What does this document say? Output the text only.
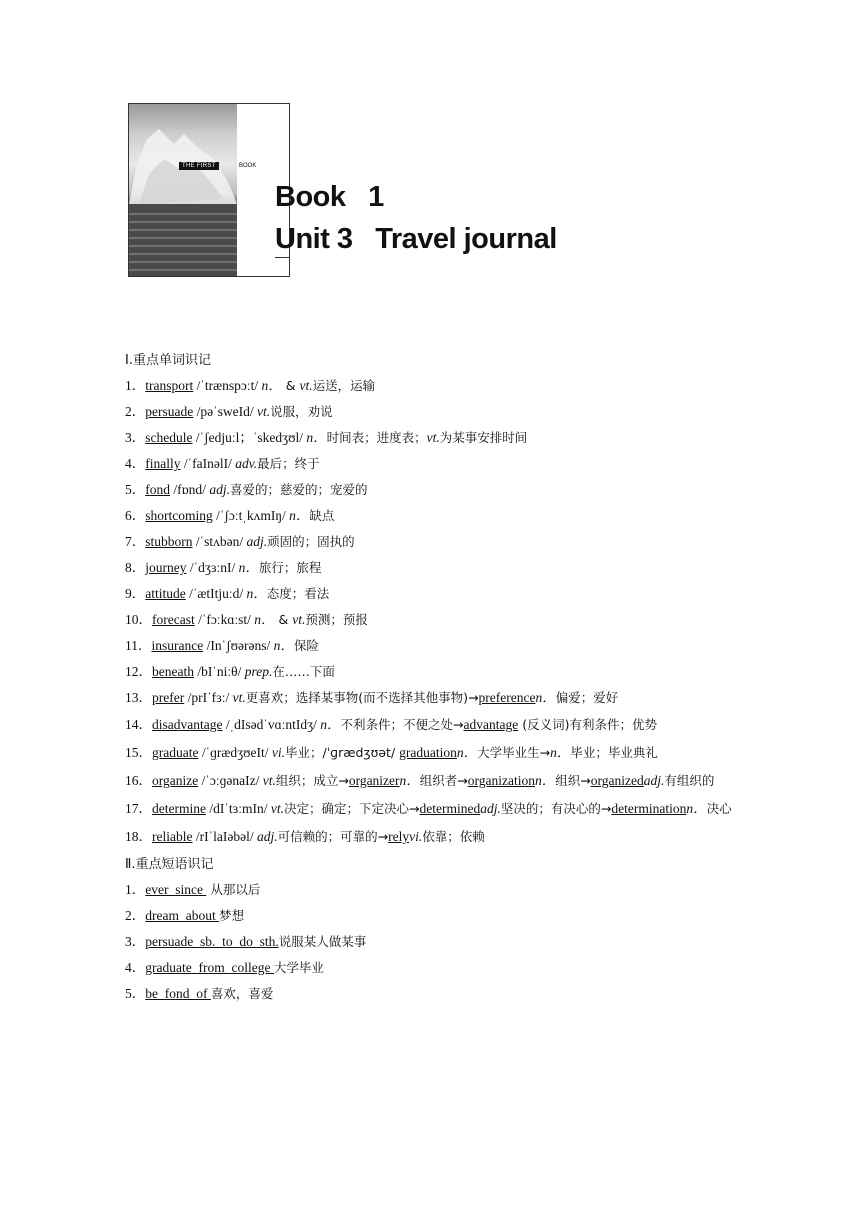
THE FIRST	BOOK
Book   1
Unit 3   Travel journal
Ⅰ.重点单词识记
1．transport /ˈtrænspɔːt/ n． & vt.运送，运输
2．persuade /pəˈsweId/ vt.说服，劝说
3．schedule /ˈʃedjuːl；ˈskedʒʊl/ n．时间表；进度表；vt.为某事安排时间
4．finally /ˈfaInəlI/ adv.最后；终于
5．fond /fɒnd/ adj.喜爱的；慈爱的；宠爱的
6．shortcoming /ˈʃɔːtˌkʌmIŋ/ n．缺点
7．stubborn /ˈstʌbən/ adj.顽固的；固执的
8．journey /ˈdʒɜːnI/ n．旅行；旅程
9．attitude /ˈætItjuːd/ n．态度；看法
10．forecast /ˈfɔːkɑːst/ n． & vt.预测；预报
11．insurance /Inˈʃʊərəns/ n．保险
12．beneath /bIˈniːθ/ prep.在……下面
13．prefer /prIˈfɜː/ vt.更喜欢；选择某事物(而不选择其他事物)→preferencen．偏爱；爱好
14．disadvantage /ˌdIsədˈvɑːntIdʒ/ n．不利条件；不便之处→advantage (反义词)有利条件；优势
15．graduate /ˈɡrædʒʊeIt/ vi.毕业；/ˈɡrædʒʊət/ graduationn．大学毕业生→n．毕业；毕业典礼
16．organize /ˈɔːɡənaIz/ vt.组织；成立→organizern．组织者→organizationn．组织→organizedadj.有组织的
17．determine /dIˈtɜːmIn/ vt.决定；确定；下定决心→determinedadj.坚决的；有决心的→determinationn．决心
18．reliable /rIˈlaIəbəl/ adj.可信赖的；可靠的→relyvi.依靠；依赖
Ⅱ.重点短语识记
1．ever  since  从那以后
2．dream  about 梦想
3．persuade  sb.  to  do  sth.说服某人做某事
4．graduate  from  college 大学毕业
5．be  fond  of 喜欢，喜爱
